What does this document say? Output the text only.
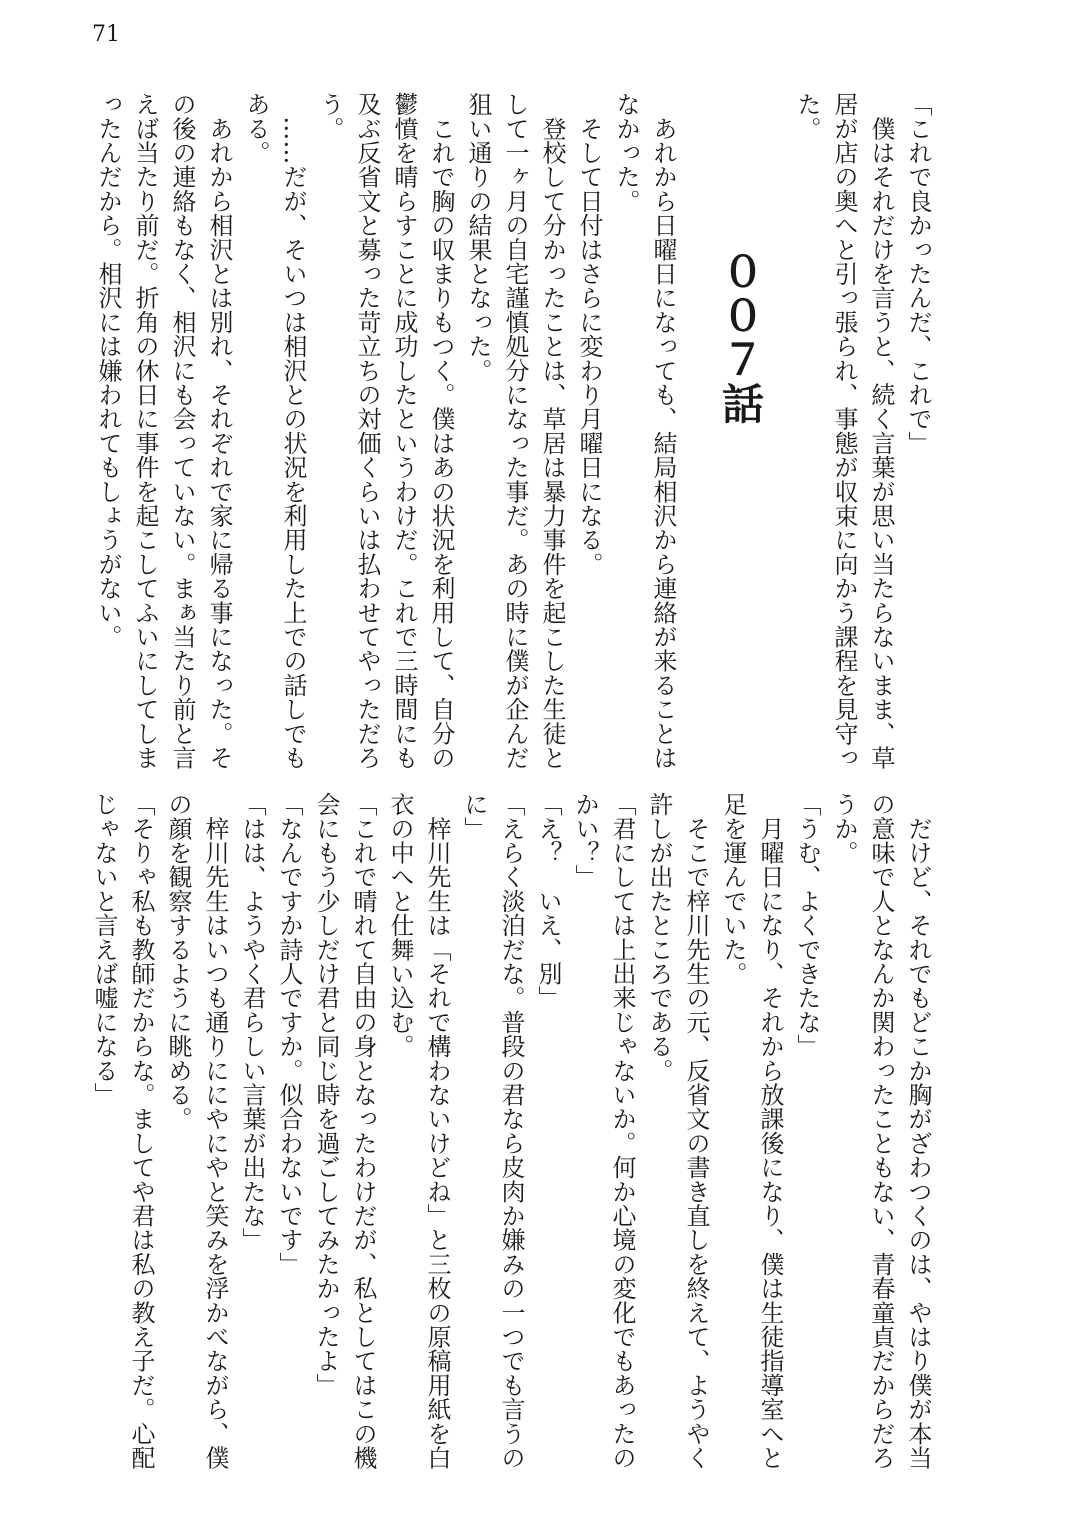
71
００７話	「これで良かったんだ、これで」
　僕はそれだけを言うと、続く言葉が思い当たらないまま、草
居が店の奥へと引っ張られ、事態が収束に向かう課程を見守っ
た。
　あれから日曜日になっても、結局相沢から連絡が来ることは
なかった。
　そして日付はさらに変わり月曜日になる。
　登校して分かったことは、草居は暴力事件を起こした生徒と
して一ヶ月の自宅謹慎処分になった事だ。あの時に僕が企んだ
狙い通りの結果となった。
　これで胸の収まりもつく。僕はあの状況を利用して、自分の
鬱憤を晴らすことに成功したというわけだ。これで三時間にも
及ぶ反省文と募った苛立ちの対価くらいは払わせてやっただろ
う。
　……だが、そいつは相沢との状況を利用した上での話しでも
ある。
　あれから相沢とは別れ、それぞれで家に帰る事になった。そ
の後の連絡もなく、相沢にも会っていない。まぁ当たり前と言
えば当たり前だ。折角の休日に事件を起こしてふいにしてしま
ったんだから。相沢には嫌われてもしょうがない。
　だけど、それでもどこか胸がざわつくのは、やはり僕が本当
の意味で人となんか関わったこともない、青春童貞だからだろ
うか。
「うむ、よくできたな」
　月曜日になり、それから放課後になり、僕は生徒指導室へと
足を運んでいた。
　そこで梓川先生の元、反省文の書き直しを終えて、ようやく
許しが出たところである。
「君にしては上出来じゃないか。何か心境の変化でもあったの
かい？」
「え？　いえ、別」
「えらく淡泊だな。普段の君なら皮肉か嫌みの一つでも言うの
に」
　梓川先生は「それで構わないけどね」と三枚の原稿用紙を白
衣の中へと仕舞い込む。
「これで晴れて自由の身となったわけだが、私としてはこの機
会にもう少しだけ君と同じ時を過ごしてみたかったよ」
「なんですか詩人ですか。似合わないです」
「はは、ようやく君らしい言葉が出たな」
　梓川先生はいつも通りににやにやと笑みを浮かべながら、僕
の顔を観察するように眺める。
「そりゃ私も教師だからな。ましてや君は私の教え子だ。心配
じゃないと言えば嘘になる」
